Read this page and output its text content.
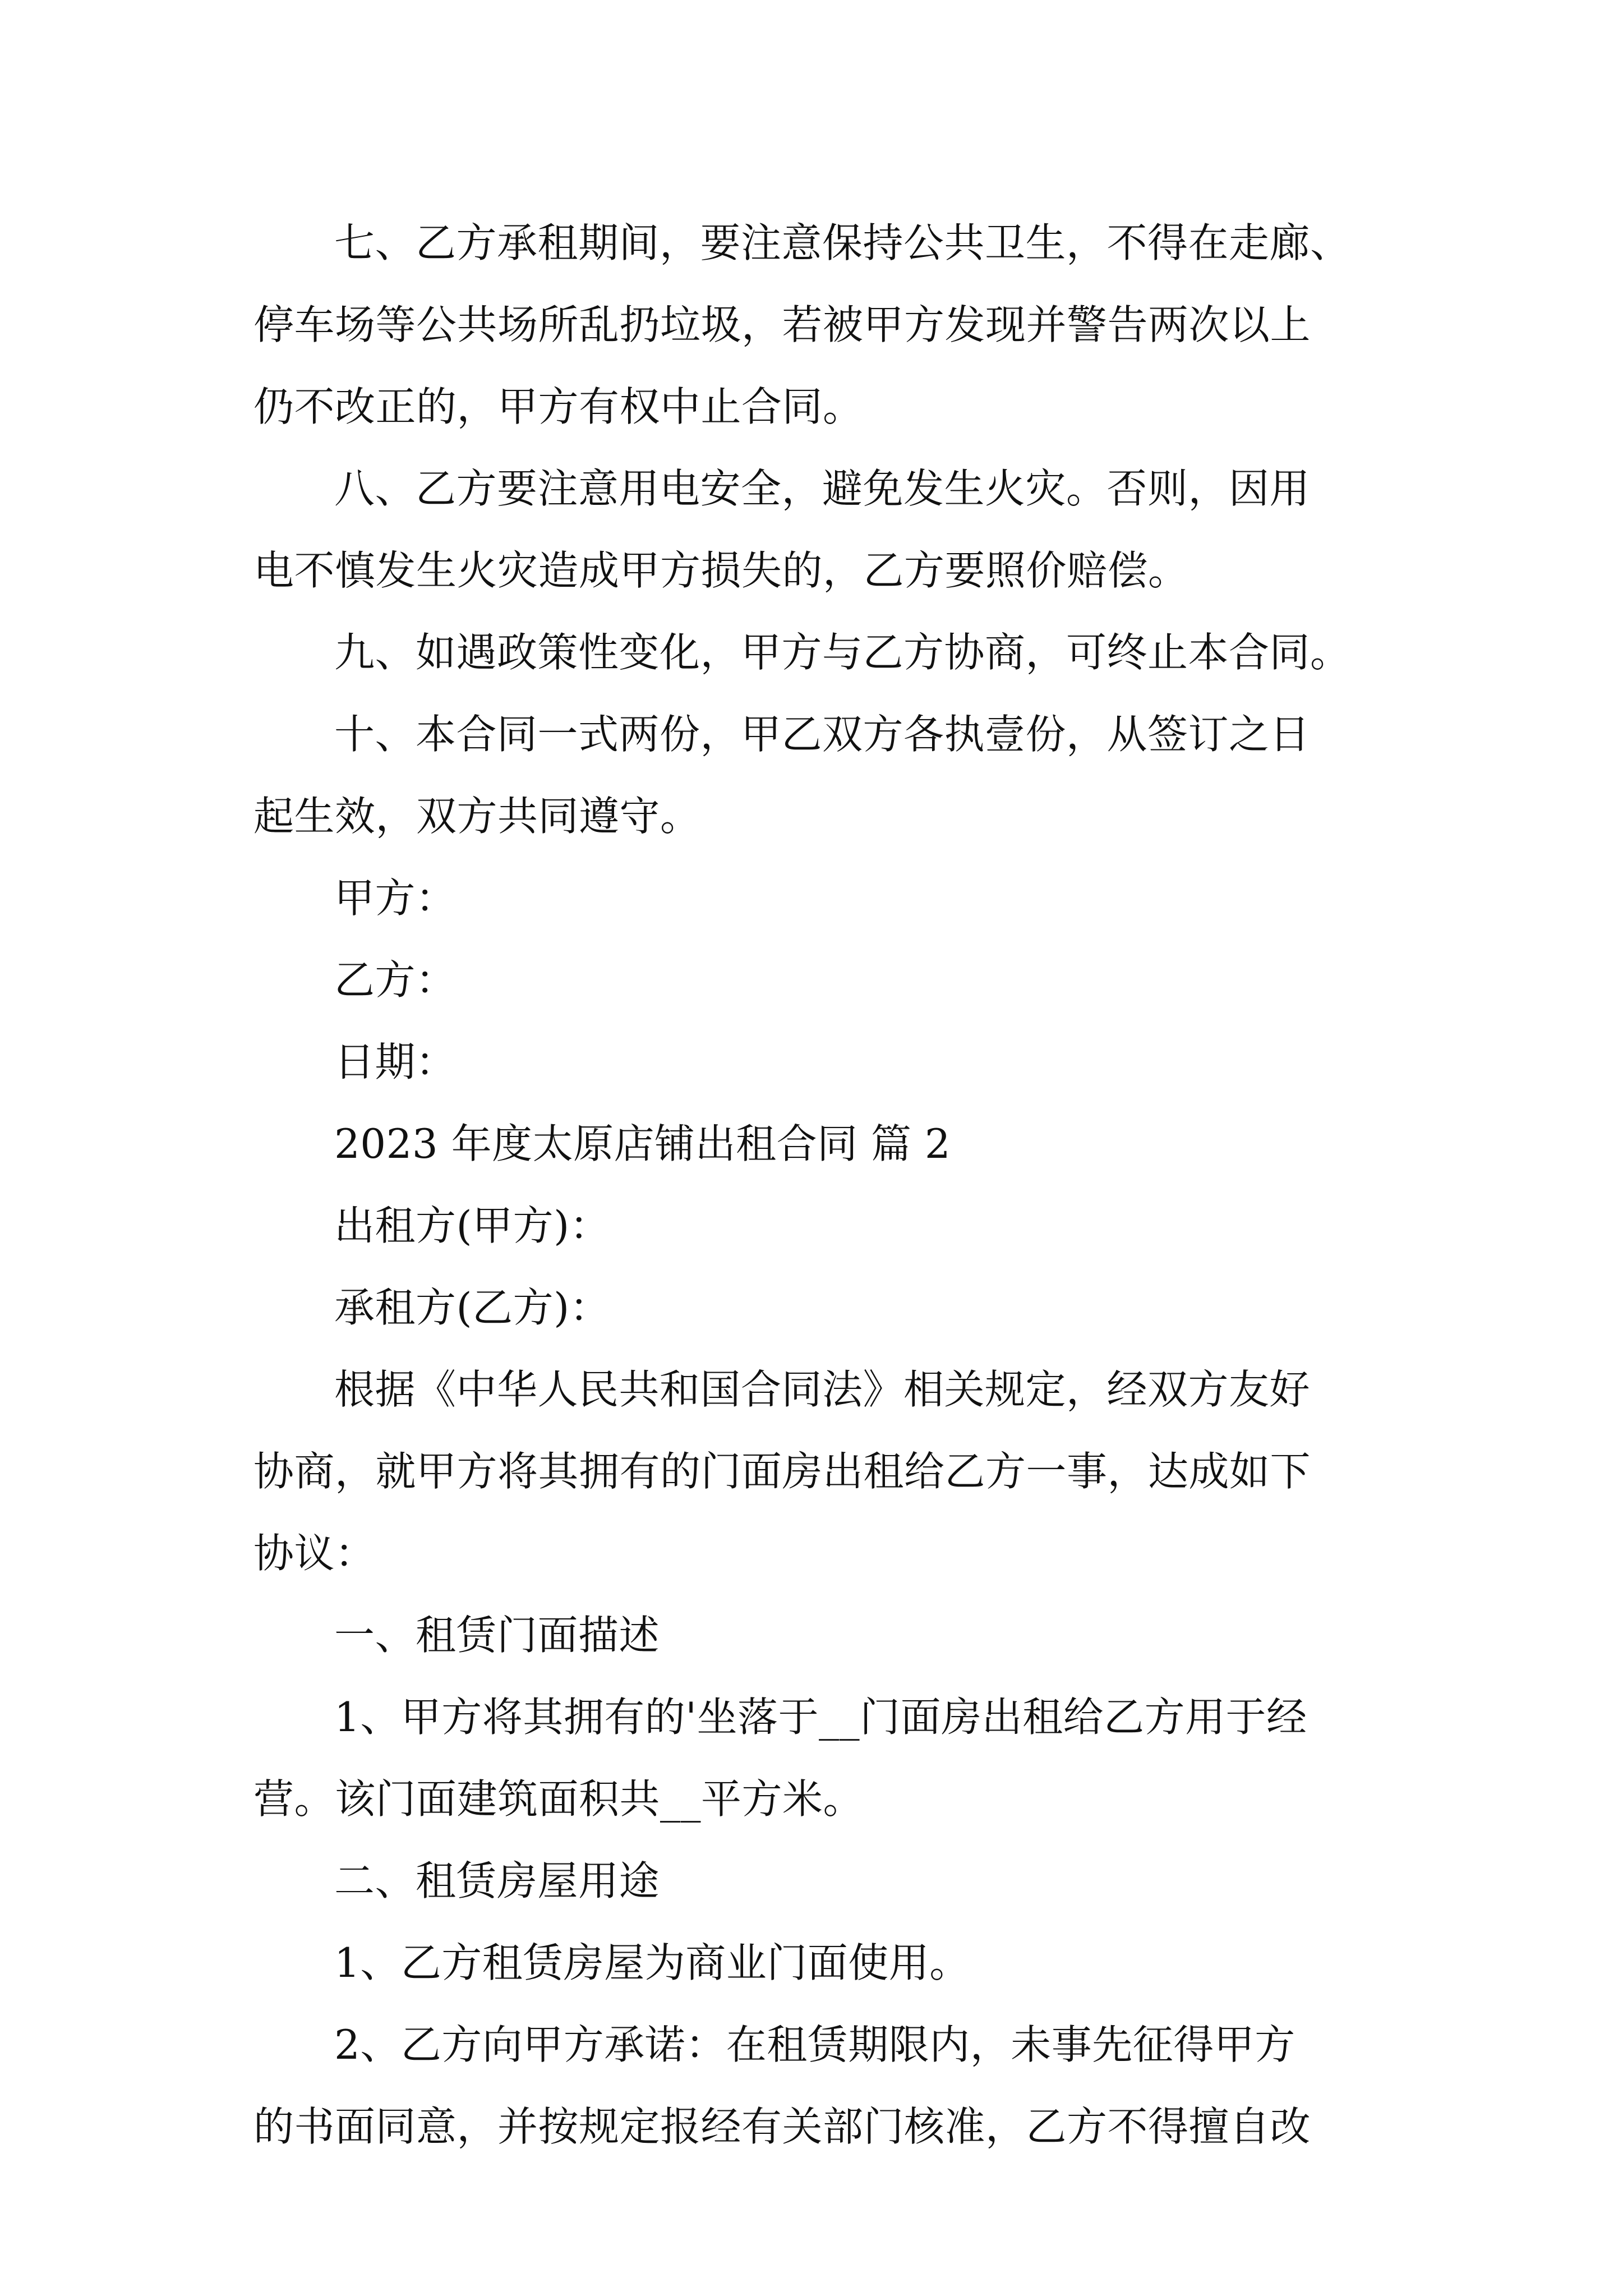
七、乙方承租期间，要注意保持公共卫生，不得在走廊、
停车场等公共场所乱扔垃圾，若被甲方发现并警告两次以上
仍不改正的，甲方有权中止合同。

八、乙方要注意用电安全，避免发生火灾。否则，因用
电不慎发生火灾造成甲方损失的，乙方要照价赔偿。

九、如遇政策性变化，甲方与乙方协商，可终止本合同。

十、本合同一式两份，甲乙双方各执壹份，从签订之日
起生效，双方共同遵守。

甲方：

乙方：

日期：

2023 年度太原店铺出租合同 篇 2

出租方(甲方)：

承租方(乙方)：

根据《中华人民共和国合同法》相关规定，经双方友好
协商，就甲方将其拥有的门面房出租给乙方一事，达成如下
协议：

一、租赁门面描述

1、甲方将其拥有的'坐落于__门面房出租给乙方用于经
营。该门面建筑面积共__平方米。

二、租赁房屋用途

1、乙方租赁房屋为商业门面使用。

2、乙方向甲方承诺：在租赁期限内，未事先征得甲方
的书面同意，并按规定报经有关部门核准，乙方不得擅自改
